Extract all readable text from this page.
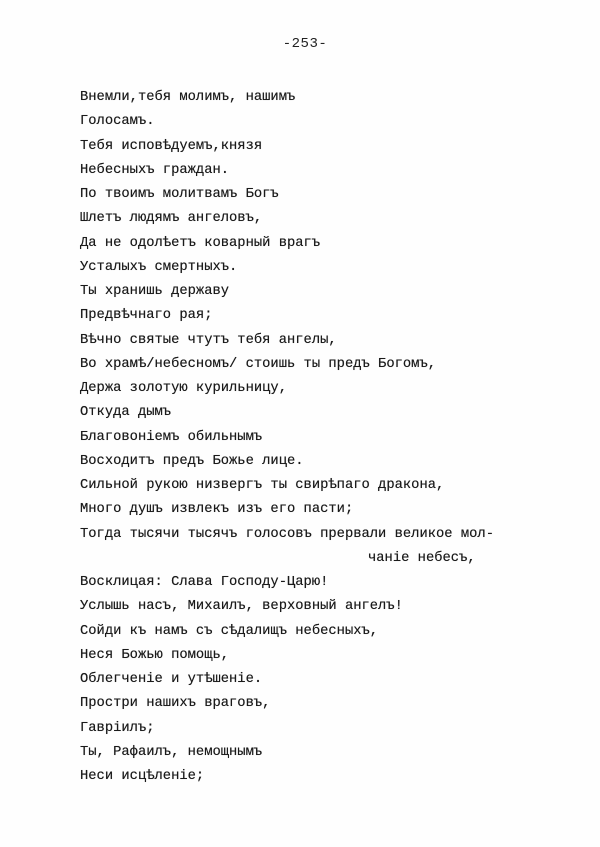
-253-
Внемли,тебя молимъ, нашимъ
Голосамъ.
Тебя исповѣдуемъ,князя
Небесныхъ граждан.
По твоимъ молитвамъ Богъ
Шлетъ людямъ ангеловъ,
Да не одолѣетъ коварный врагъ
Усталыхъ смертныхъ.
Ты хранишь державу
Предвѣчнаго рая;
Вѣчно святые чтутъ тебя ангелы,
Во храмѣ/небесномъ/ стоишь ты предъ Богомъ,
Держа золотую курильницу,
Откуда дымъ
Благовоніемъ обильнымъ
Восходитъ предъ Божье лице.
Сильной рукою низвергъ ты свирѣпаго дракона,
Много душъ извлекъ изъ его пасти;
Тогда тысячи тысячъ голосовъ прервали великое мол-
чаніе небесъ,
Восклицая: Слава Господу-Царю!
Услышь насъ, Михаилъ, верховный ангелъ!
Сойди къ намъ съ сѣдалищъ небесныхъ,
Неся Божью помощь,
Облегченіе и утѣшеніе.
Простри нашихъ враговъ,
Гавріилъ;
Ты, Рафаилъ, немощнымъ
Неси исцѣленіе;
